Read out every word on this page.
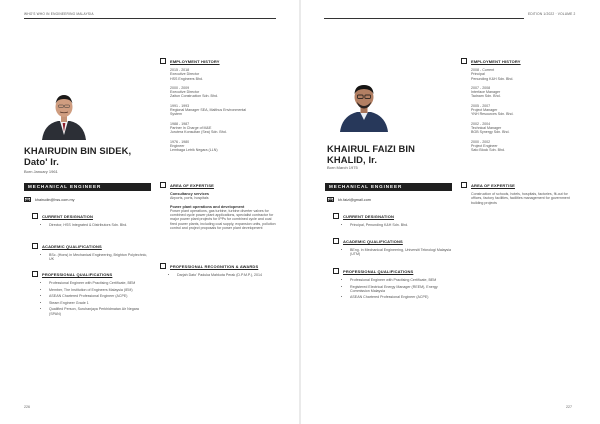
WHO'S WHO IN ENGINEERING MALAYSIA	EDITION 1/2022 · VOLUME 2
KHAIRUDIN BIN SIDEK,
Dato' Ir.
Born January 1961
MECHANICAL ENGINEER
khairudin@hss.com.my
CURRENT DESIGNATION
• Director, HSS Integrated & Distributors Sdn. Bhd.
ACADEMIC QUALIFICATIONS
• BSc. (Hons) in Mechanical Engineering, Brighton Polytechnic, UK
PROFESSIONAL QUALIFICATIONS
• Professional Engineer with Practising Certificate, BEM
• Member, The Institution of Engineers Malaysia (IEM)
• ASEAN Chartered Professional Engineer (ACPE)
• Steam Engineer Grade 1
• Qualified Person, Suruhanjaya Perkhidmatan Air Negara (SPAN)
EMPLOYMENT HISTORY
2015 - 2018
Executive Director
HSS Engineers Bhd.
2000 - 2009
Executive Director
Zaitun Construction Sdn. Bhd.
1991 - 1993
Regional Manager SEA, Malthus Environmental
System
1988 - 1987
Partner In Charge of M&E
Jurutera Konsultan (Sea) Sdn. Bhd.
1976 - 1980
Engineer
Lembaga Letrik Negara (LLN)
AREA OF EXPERTISE
Consultancy services
Airports, ports, hospitals
Power plant operations and development
Power plant operations, gas turbine, turbine diverter valves for combined cycle power plant applications, specialist contractor for major power plant projects for IPPs for combined cycle and coal fired power plants, including coal supply, expansion units, pollution control and project proposals for power plant development
PROFESSIONAL RECOGNITION & AWARDS
• Darjah Dato' Paduka Mahkota Perak (D.P.M.P.), 2014
226
KHAIRUL FAIZI BIN
KHALID, Ir.
Born March 1975
MECHANICAL ENGINEER
kh.faizi@gmail.com
CURRENT DESIGNATION
• Principal, Penunding K&H Sdn. Bhd.
ACADEMIC QUALIFICATIONS
• BEng. in Mechanical Engineering, Universiti Teknologi Malaysia (UTM)
PROFESSIONAL QUALIFICATIONS
• Professional Engineer with Practising Certificate, BEM
• Registered Electrical Energy Manager (REEM), Energy Commission Malaysia
• ASEAN Chartered Professional Engineer (ACPE)
EMPLOYMENT HISTORY
2008 - Current
Principal
Penunding K&H Sdn. Bhd.
2007 - 2008
Interface Manager
Tadnam Sdn. Bhd.
2005 - 2007
Project Manager
YNH Resources Sdn. Bhd.
2002 - 2004
Technical Manager
BGB Synergy Sdn. Bhd.
2000 - 2002
Project Engineer
Sato Block Sdn. Bhd.
AREA OF EXPERTISE
Construction of schools, hotels, hospitals, factories, fit-out for offices, factory facilities, facilities management for government building projects
227
